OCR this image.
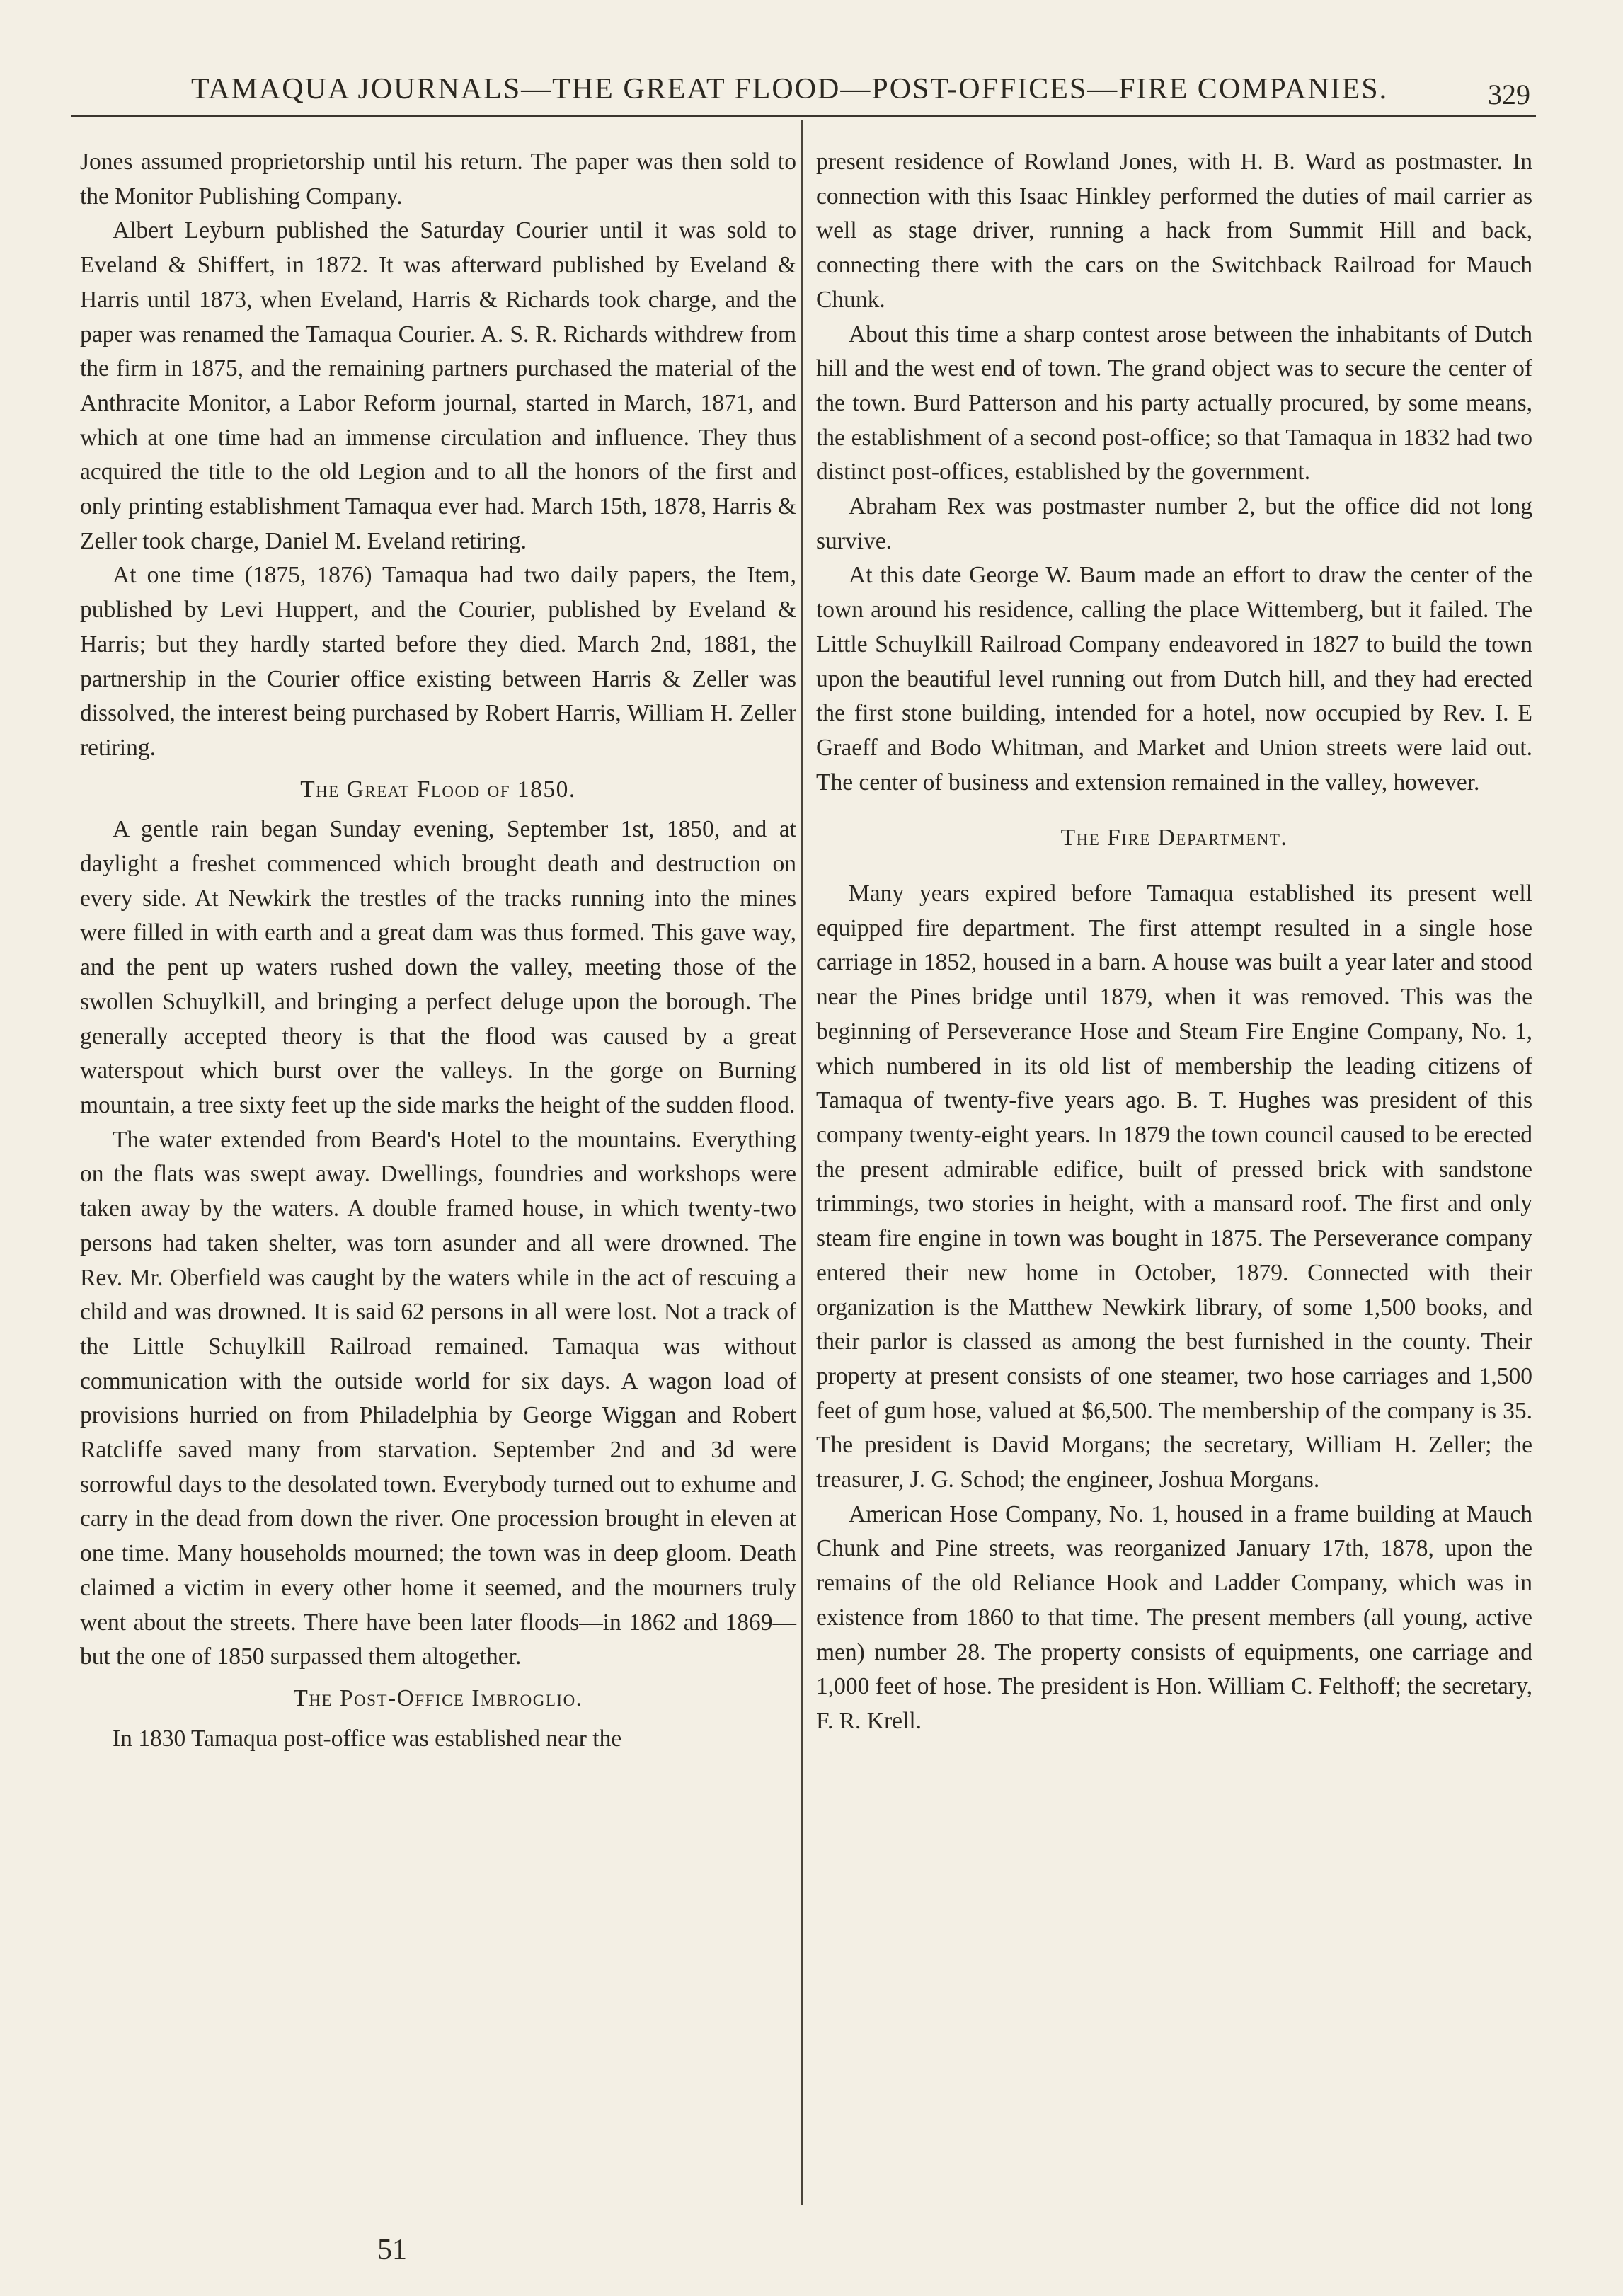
TAMAQUA JOURNALS—THE GREAT FLOOD—POST-OFFICES—FIRE COMPANIES.	329

Jones assumed proprietorship until his return. The paper was then sold to the Monitor Publishing Company.

Albert Leyburn published the Saturday Courier until it was sold to Eveland & Shiffert, in 1872. It was afterward published by Eveland & Harris until 1873, when Eveland, Harris & Richards took charge, and the paper was renamed the Tamaqua Courier. A. S. R. Richards withdrew from the firm in 1875, and the remaining partners purchased the material of the Anthracite Monitor, a Labor Reform journal, started in March, 1871, and which at one time had an immense circulation and influence. They thus acquired the title to the old Legion and to all the honors of the first and only printing establishment Tamaqua ever had. March 15th, 1878, Harris & Zeller took charge, Daniel M. Eveland retiring.

At one time (1875, 1876) Tamaqua had two daily papers, the Item, published by Levi Huppert, and the Courier, published by Eveland & Harris; but they hardly started before they died. March 2nd, 1881, the partnership in the Courier office existing between Harris & Zeller was dissolved, the interest being purchased by Robert Harris, William H. Zeller retiring.

The Great Flood of 1850.

A gentle rain began Sunday evening, September 1st, 1850, and at daylight a freshet commenced which brought death and destruction on every side. At Newkirk the trestles of the tracks running into the mines were filled in with earth and a great dam was thus formed. This gave way, and the pent up waters rushed down the valley, meeting those of the swollen Schuylkill, and bringing a perfect deluge upon the borough. The generally accepted theory is that the flood was caused by a great waterspout which burst over the valleys. In the gorge on Burning mountain, a tree sixty feet up the side marks the height of the sudden flood.

The water extended from Beard's Hotel to the mountains. Everything on the flats was swept away. Dwellings, foundries and workshops were taken away by the waters. A double framed house, in which twenty-two persons had taken shelter, was torn asunder and all were drowned. The Rev. Mr. Oberfield was caught by the waters while in the act of rescuing a child and was drowned. It is said 62 persons in all were lost. Not a track of the Little Schuylkill Railroad remained. Tamaqua was without communication with the outside world for six days. A wagon load of provisions hurried on from Philadelphia by George Wiggan and Robert Ratcliffe saved many from starvation. September 2nd and 3d were sorrowful days to the desolated town. Everybody turned out to exhume and carry in the dead from down the river. One procession brought in eleven at one time. Many households mourned; the town was in deep gloom. Death claimed a victim in every other home it seemed, and the mourners truly went about the streets. There have been later floods—in 1862 and 1869—but the one of 1850 surpassed them altogether.

The Post-Office Imbroglio.

In 1830 Tamaqua post-office was established near the

present residence of Rowland Jones, with H. B. Ward as postmaster. In connection with this Isaac Hinkley performed the duties of mail carrier as well as stage driver, running a hack from Summit Hill and back, connecting there with the cars on the Switchback Railroad for Mauch Chunk.

About this time a sharp contest arose between the inhabitants of Dutch hill and the west end of town. The grand object was to secure the center of the town. Burd Patterson and his party actually procured, by some means, the establishment of a second post-office; so that Tamaqua in 1832 had two distinct post-offices, established by the government.

Abraham Rex was postmaster number 2, but the office did not long survive.

At this date George W. Baum made an effort to draw the center of the town around his residence, calling the place Wittemberg, but it failed. The Little Schuylkill Railroad Company endeavored in 1827 to build the town upon the beautiful level running out from Dutch hill, and they had erected the first stone building, intended for a hotel, now occupied by Rev. I. E Graeff and Bodo Whitman, and Market and Union streets were laid out. The center of business and extension remained in the valley, however.

The Fire Department.

Many years expired before Tamaqua established its present well equipped fire department. The first attempt resulted in a single hose carriage in 1852, housed in a barn. A house was built a year later and stood near the Pines bridge until 1879, when it was removed. This was the beginning of Perseverance Hose and Steam Fire Engine Company, No. 1, which numbered in its old list of membership the leading citizens of Tamaqua of twenty-five years ago. B. T. Hughes was president of this company twenty-eight years. In 1879 the town council caused to be erected the present admirable edifice, built of pressed brick with sandstone trimmings, two stories in height, with a mansard roof. The first and only steam fire engine in town was bought in 1875. The Perseverance company entered their new home in October, 1879. Connected with their organization is the Matthew Newkirk library, of some 1,500 books, and their parlor is classed as among the best furnished in the county. Their property at present consists of one steamer, two hose carriages and 1,500 feet of gum hose, valued at $6,500. The membership of the company is 35. The president is David Morgans; the secretary, William H. Zeller; the treasurer, J. G. Schod; the engineer, Joshua Morgans.

American Hose Company, No. 1, housed in a frame building at Mauch Chunk and Pine streets, was reorganized January 17th, 1878, upon the remains of the old Reliance Hook and Ladder Company, which was in existence from 1860 to that time. The present members (all young, active men) number 28. The property consists of equipments, one carriage and 1,000 feet of hose. The president is Hon. William C. Felthoff; the secretary, F. R. Krell.

51
